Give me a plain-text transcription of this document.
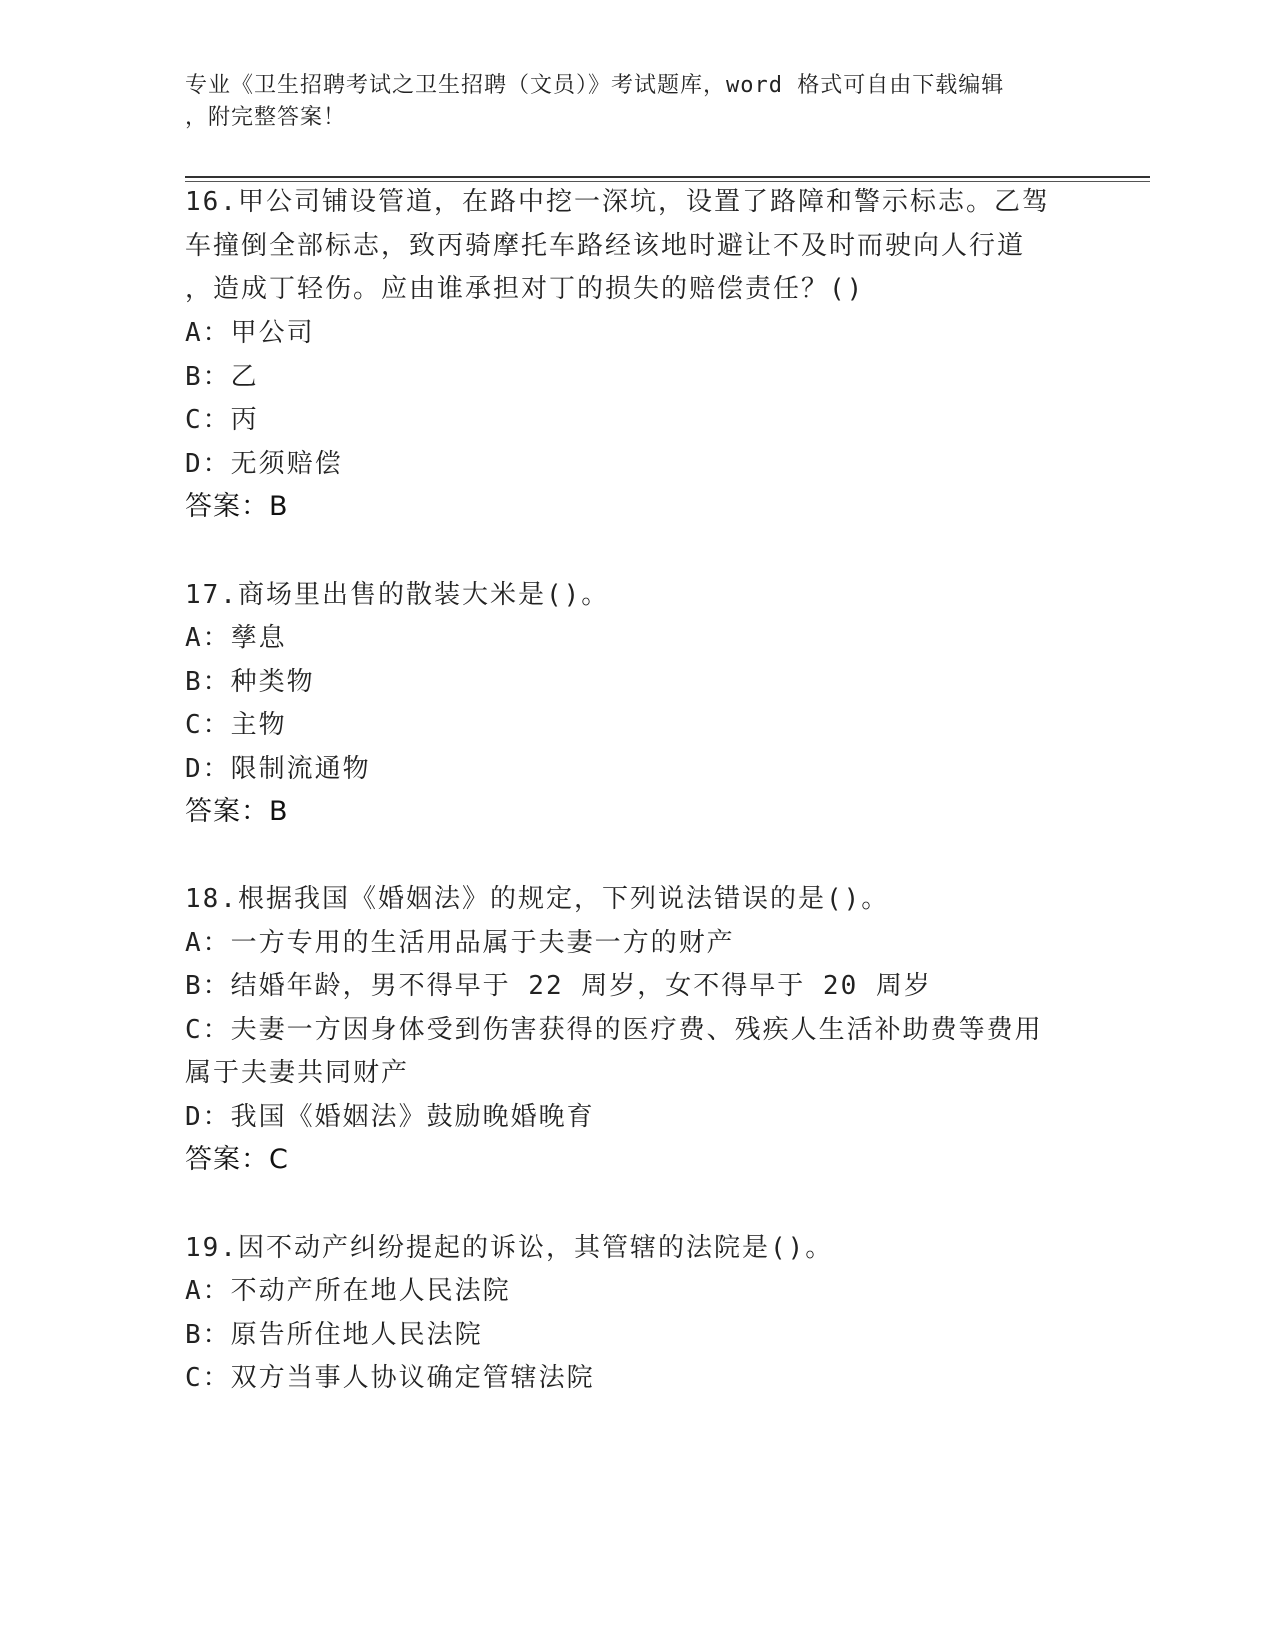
专业《卫生招聘考试之卫生招聘（文员）》考试题库，word 格式可自由下载编辑
，附完整答案！
16.甲公司铺设管道，在路中挖一深坑，设置了路障和警示标志。乙驾
车撞倒全部标志，致丙骑摩托车路经该地时避让不及时而驶向人行道
，造成丁轻伤。应由谁承担对丁的损失的赔偿责任？()
A：甲公司
B：乙
C：丙
D：无须赔偿
答案：B
17.商场里出售的散装大米是()。
A：孳息
B：种类物
C：主物
D：限制流通物
答案：B
18.根据我国《婚姻法》的规定，下列说法错误的是()。
A：一方专用的生活用品属于夫妻一方的财产
B：结婚年龄，男不得早于 22 周岁，女不得早于 20 周岁
C：夫妻一方因身体受到伤害获得的医疗费、残疾人生活补助费等费用
属于夫妻共同财产
D：我国《婚姻法》鼓励晚婚晚育
答案：C
19.因不动产纠纷提起的诉讼，其管辖的法院是()。
A：不动产所在地人民法院
B：原告所住地人民法院
C：双方当事人协议确定管辖法院
